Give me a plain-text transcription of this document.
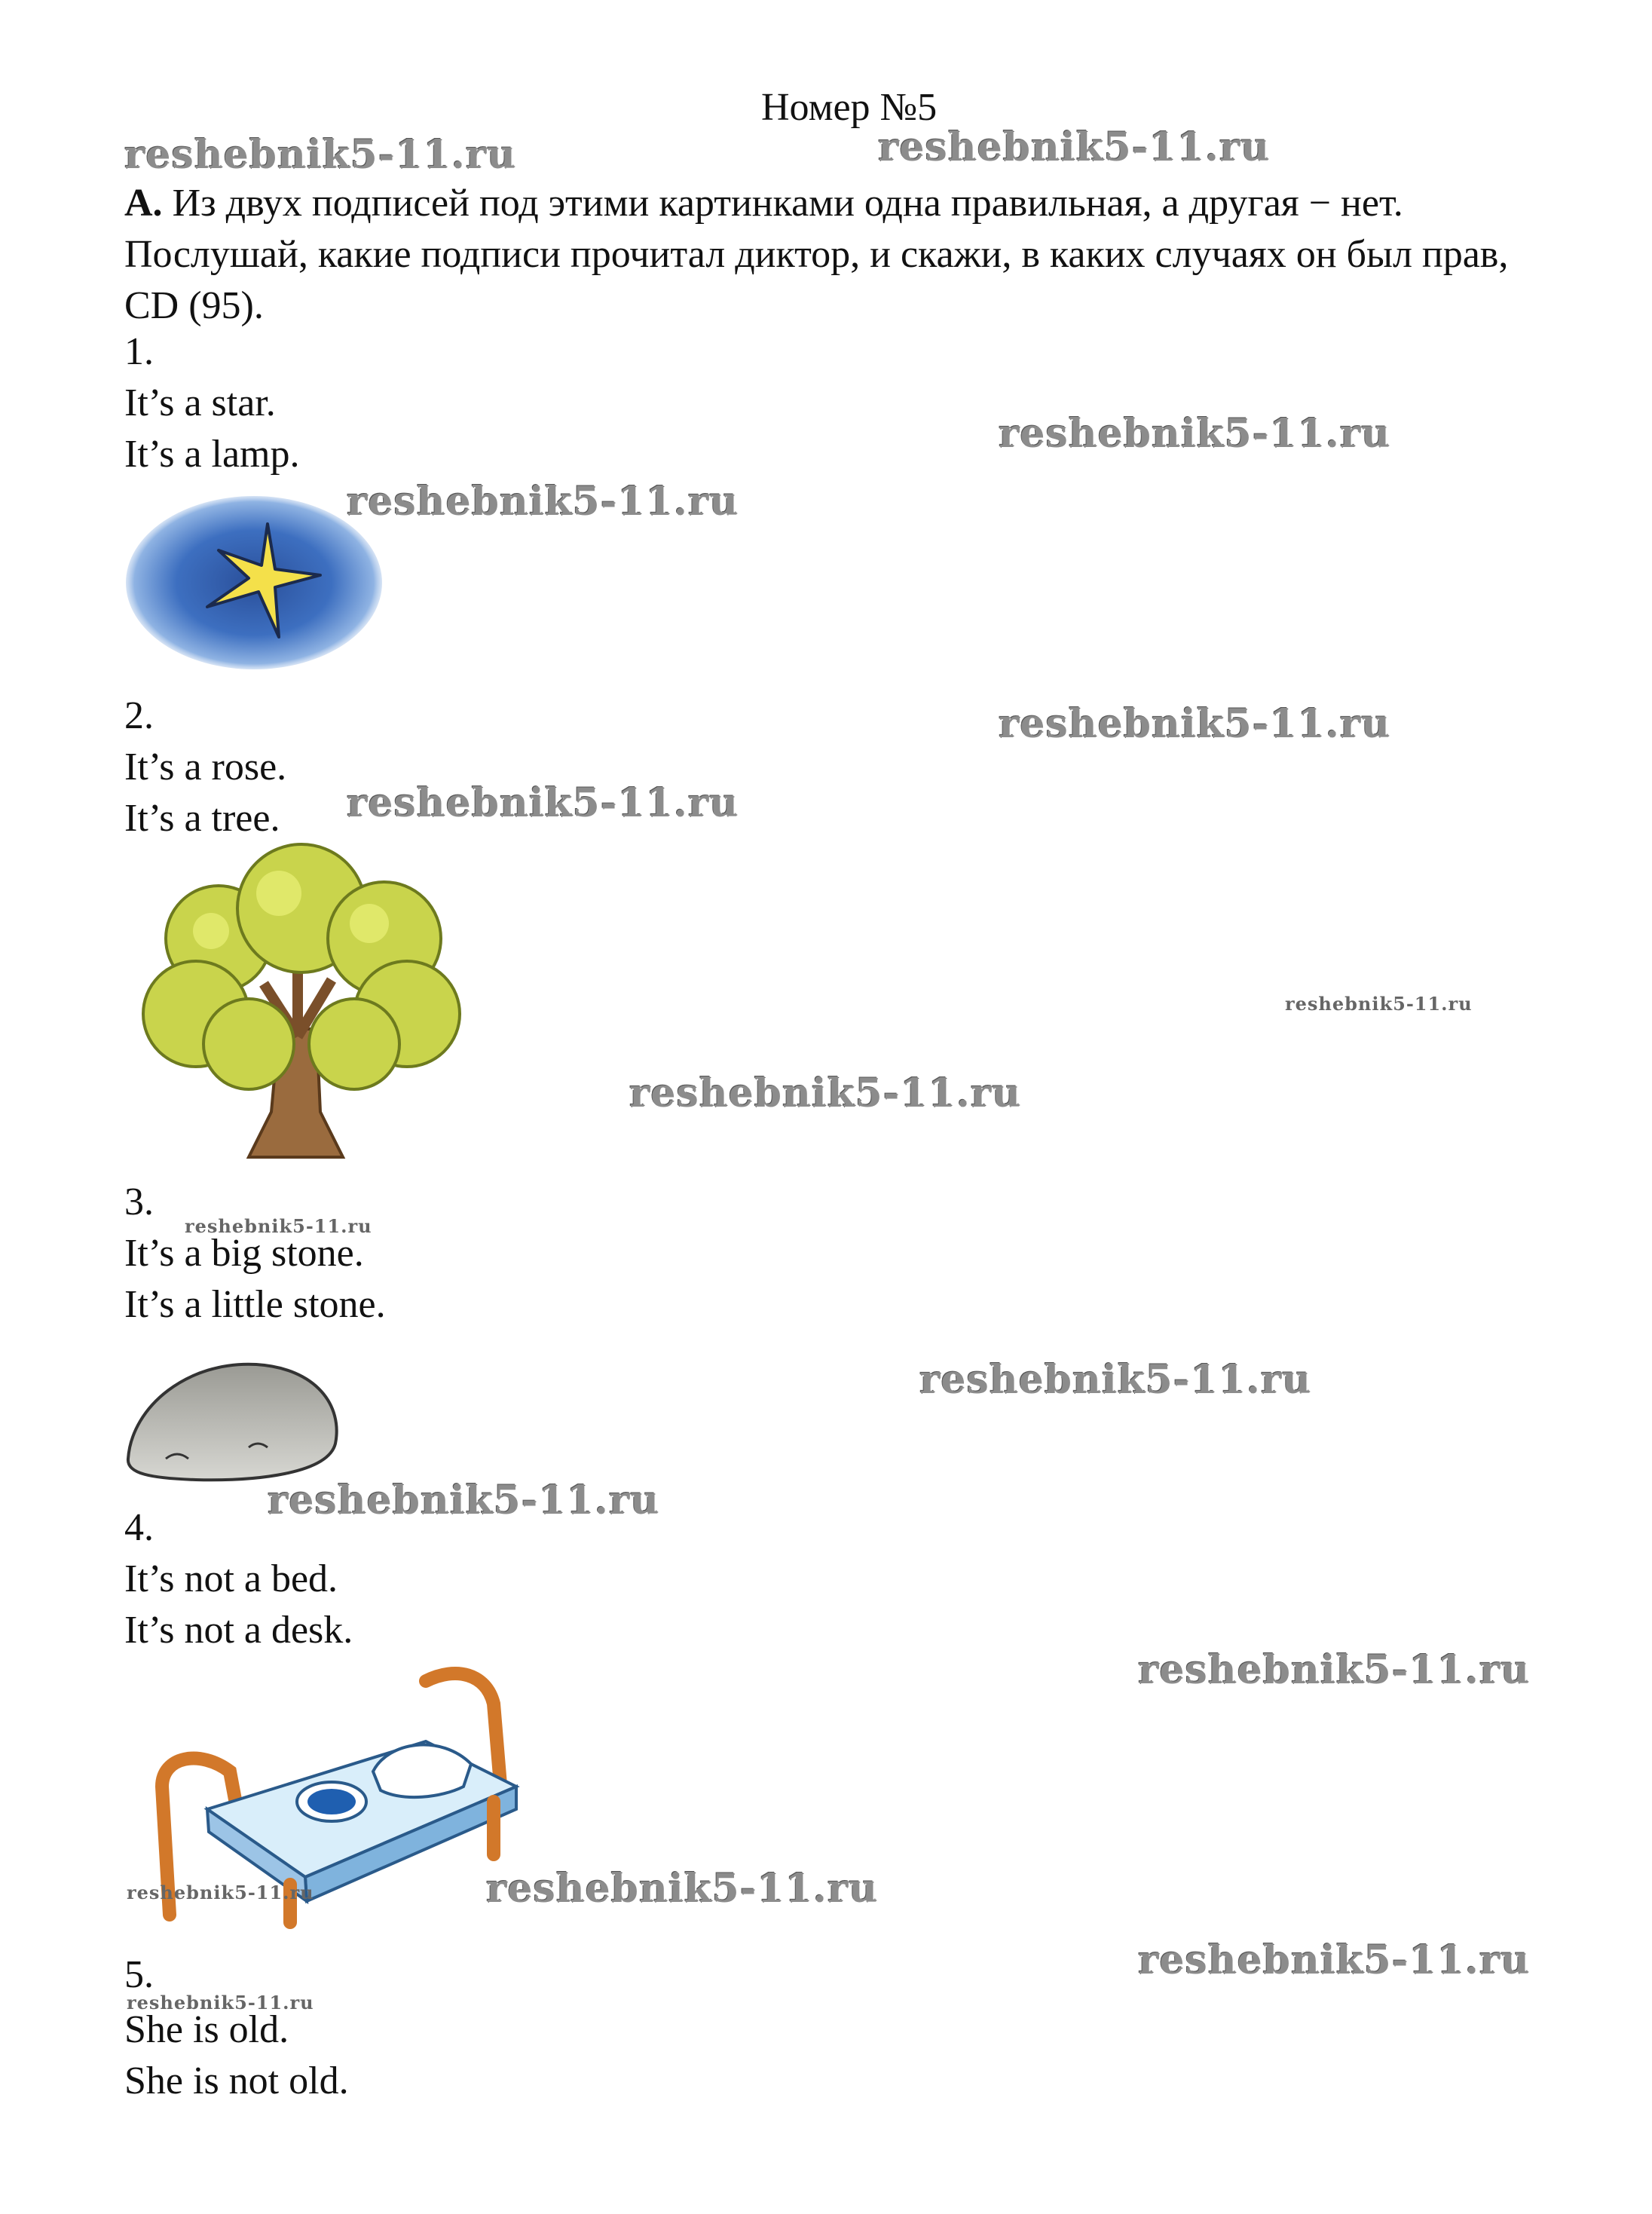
Номер №5
A. Из двух подписей под этими картинками одна правильная, а другая − нет. Послушай, какие подписи прочитал диктор, и скажи, в каких случаях он был прав, CD (95).
1.
It’s a star.
It’s a lamp.
2.
It’s a rose.
It’s a tree.
3.
It’s a big stone.
It’s a little stone.
4.
It’s not a bed.
It’s not a desk.
5.
She is old.
She is not old.
reshebnik5-11.ru	reshebnik5-11.ru
reshebnik5-11.ru
reshebnik5-11.ru
reshebnik5-11.ru
reshebnik5-11.ru
reshebnik5-11.ru
reshebnik5-11.ru
reshebnik5-11.ru
reshebnik5-11.ru
reshebnik5-11.ru
reshebnik5-11.ru
reshebnik5-11.ru	reshebnik5-11.ru
reshebnik5-11.ru
reshebnik5-11.ru
